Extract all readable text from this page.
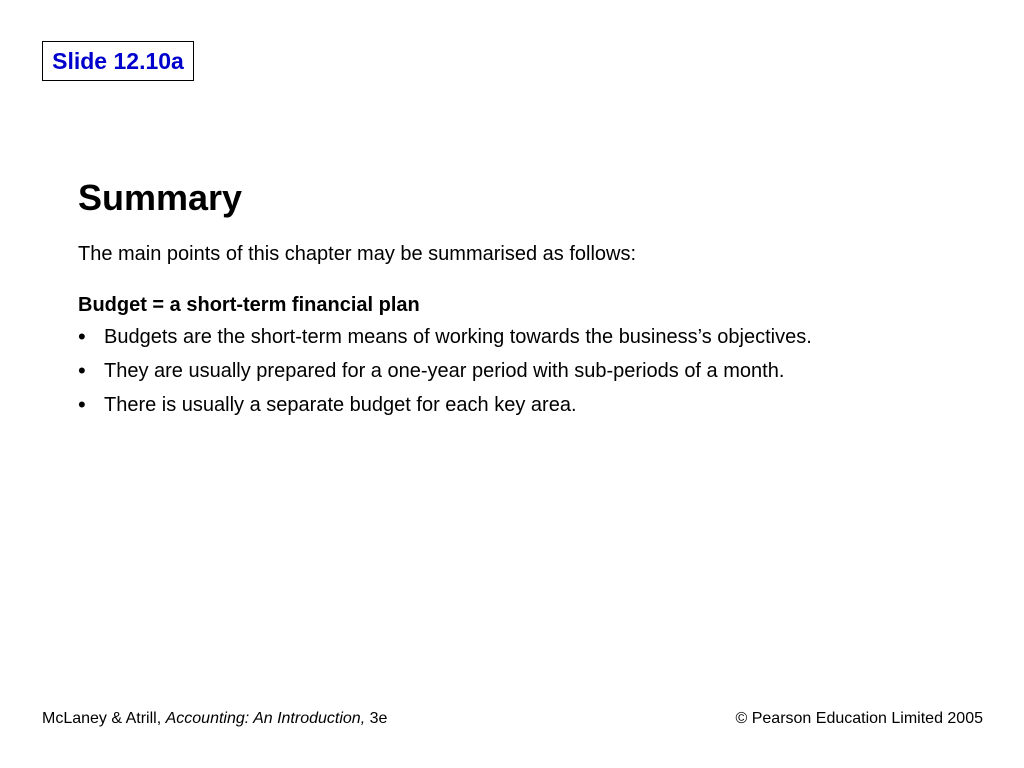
Slide 12.10a
Summary
The main points of this chapter may be summarised as follows:
Budget = a short-term financial plan
• Budgets are the short-term means of working towards the business’s objectives.
• They are usually prepared for a one-year period with sub-periods of a month.
• There is usually a separate budget for each key area.
McLaney & Atrill, Accounting: An Introduction, 3e	© Pearson Education Limited 2005
